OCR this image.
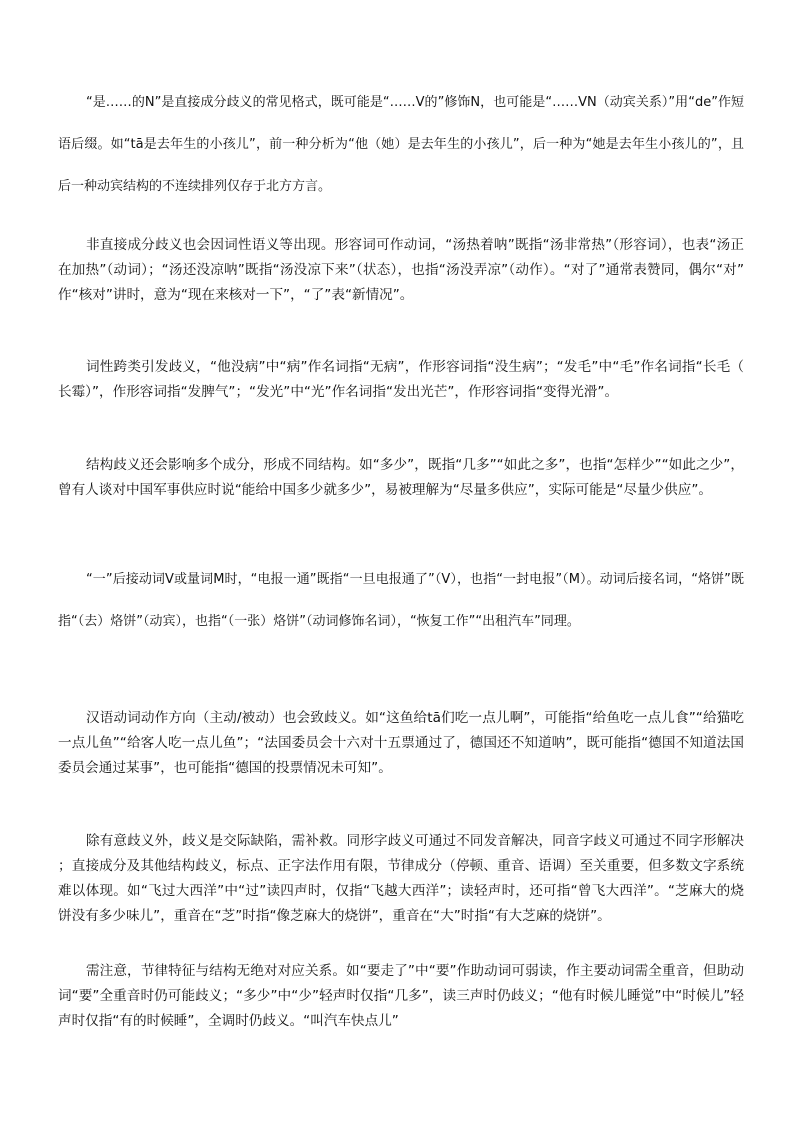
“是……的N”是直接成分歧义的常见格式，既可能是“……V的”修饰N，也可能是“……VN（动宾关系）”用“de”作短语后缀。如“tā是去年生的小孩儿”，前一种分析为“他（她）是去年生的小孩儿”，后一种为“她是去年生小孩儿的”，且后一种动宾结构的不连续排列仅存于北方方言。

非直接成分歧义也会因词性语义等出现。形容词可作动词，“汤热着呐”既指“汤非常热”（形容词），也表“汤正在加热”（动词）；“汤还没凉呐”既指“汤没凉下来”（状态），也指“汤没弄凉”（动作）。“对了”通常表赞同，偶尔“对”作“核对”讲时，意为“现在来核对一下”，“了”表“新情况”。

词性跨类引发歧义，“他没病”中“病”作名词指“无病”，作形容词指“没生病”；“发毛”中“毛”作名词指“长毛（长霉）”，作形容词指“发脾气”；“发光”中“光”作名词指“发出光芒”，作形容词指“变得光滑”。

结构歧义还会影响多个成分，形成不同结构。如“多少”，既指“几多”“如此之多”，也指“怎样少”“如此之少”，曾有人谈对中国军事供应时说“能给中国多少就多少”，易被理解为“尽量多供应”，实际可能是“尽量少供应”。

“一”后接动词V或量词M时，“电报一通”既指“一旦电报通了”（V），也指“一封电报”（M）。动词后接名词，“烙饼”既指“（去）烙饼”（动宾），也指“（一张）烙饼”（动词修饰名词），“恢复工作”“出租汽车”同理。

汉语动词动作方向（主动/被动）也会致歧义。如“这鱼给tā们吃一点儿啊”，可能指“给鱼吃一点儿食”“给猫吃一点儿鱼”“给客人吃一点儿鱼”；“法国委员会十六对十五票通过了，德国还不知道呐”，既可能指“德国不知道法国委员会通过某事”，也可能指“德国的投票情况未可知”。

除有意歧义外，歧义是交际缺陷，需补救。同形字歧义可通过不同发音解决，同音字歧义可通过不同字形解决；直接成分及其他结构歧义，标点、正字法作用有限，节律成分（停顿、重音、语调）至关重要，但多数文字系统难以体现。如“飞过大西洋”中“过”读四声时，仅指“飞越大西洋”；读轻声时，还可指“曾飞大西洋”。“芝麻大的烧饼没有多少味儿”，重音在“芝”时指“像芝麻大的烧饼”，重音在“大”时指“有大芝麻的烧饼”。

需注意，节律特征与结构无绝对对应关系。如“要走了”中“要”作助动词可弱读，作主要动词需全重音，但助动词“要”全重音时仍可能歧义；“多少”中“少”轻声时仅指“几多”，读三声时仍歧义；“他有时候儿睡觉”中“时候儿”轻声时仅指“有的时候睡”，全调时仍歧义。“叫汽车快点儿”
